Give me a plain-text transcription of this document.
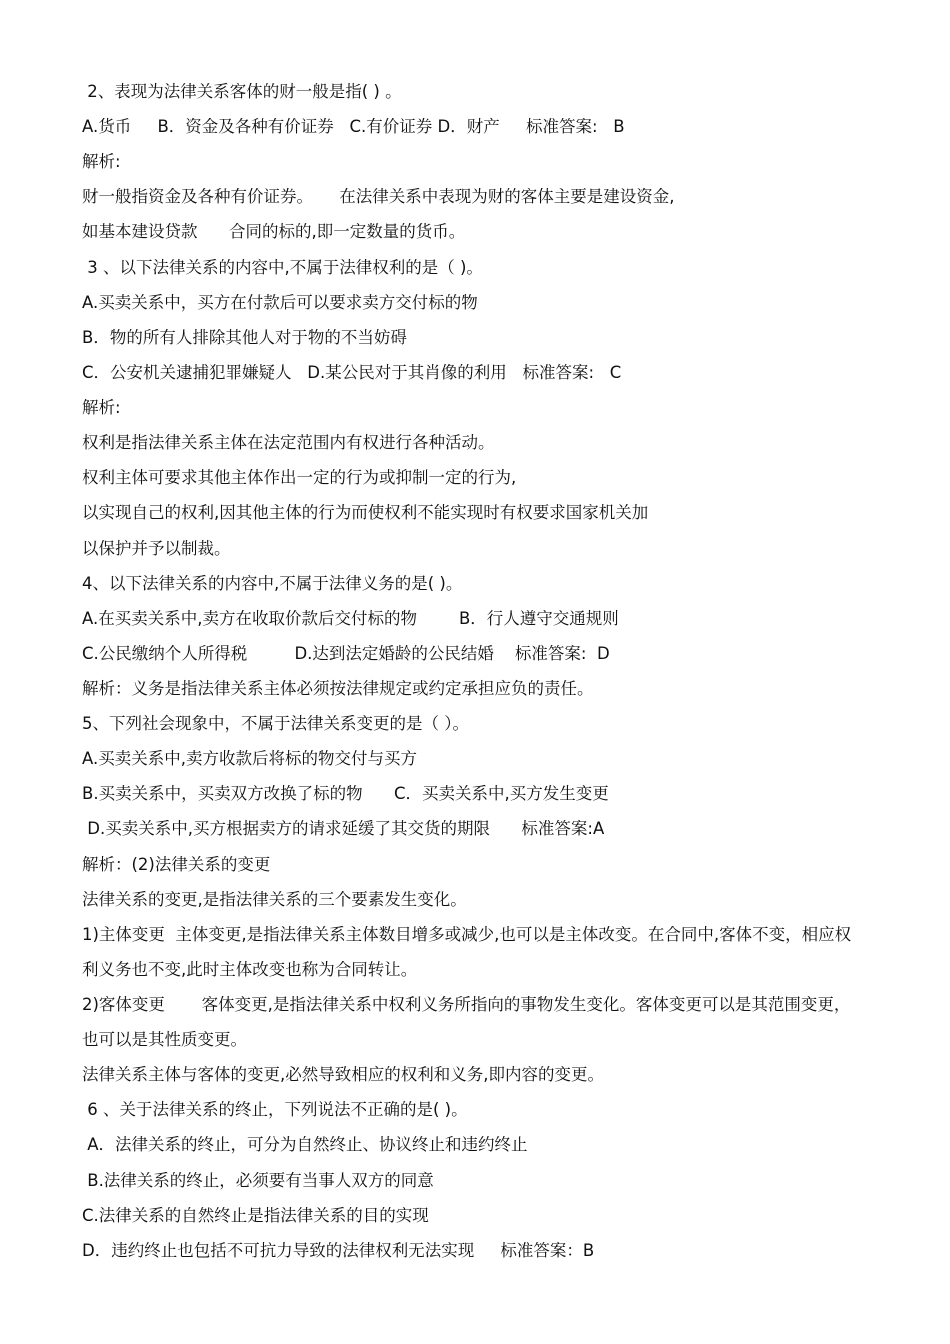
2、表现为法律关系客体的财一般是指( ) 。
A.货币     B．资金及各种有价证券   C.有价证券 D．财产     标准答案:   B
解析:
财一般指资金及各种有价证券。     在法律关系中表现为财的客体主要是建设资金,
如基本建设贷款      合同的标的,即一定数量的货币。
3 、以下法律关系的内容中,不属于法律权利的是（ )。
A.买卖关系中，买方在付款后可以要求卖方交付标的物
B．物的所有人排除其他人对于物的不当妨碍
C．公安机关逮捕犯罪嫌疑人   D.某公民对于其肖像的利用   标准答案:   C
解析:
权利是指法律关系主体在法定范围内有权进行各种活动。
权利主体可要求其他主体作出一定的行为或抑制一定的行为,
以实现自己的权利,因其他主体的行为而使权利不能实现时有权要求国家机关加
以保护并予以制裁。
4、以下法律关系的内容中,不属于法律义务的是( )。
A.在买卖关系中,卖方在收取价款后交付标的物        B．行人遵守交通规则
C.公民缴纳个人所得税         D.达到法定婚龄的公民结婚    标准答案:  D
解析：义务是指法律关系主体必须按法律规定或约定承担应负的责任。
5、下列社会现象中，不属于法律关系变更的是（ ）。
A.买卖关系中,卖方收款后将标的物交付与买方
B.买卖关系中，买卖双方改换了标的物      C．买卖关系中,买方发生变更
D.买卖关系中,买方根据卖方的请求延缓了其交货的期限      标准答案:A
解析：(2)法律关系的变更
法律关系的变更,是指法律关系的三个要素发生变化。
1)主体变更  主体变更,是指法律关系主体数目增多或减少,也可以是主体改变。在合同中,客体不变，相应权
利义务也不变,此时主体改变也称为合同转让。
2)客体变更       客体变更,是指法律关系中权利义务所指向的事物发生变化。客体变更可以是其范围变更，
也可以是其性质变更。
法律关系主体与客体的变更,必然导致相应的权利和义务,即内容的变更。
6 、关于法律关系的终止，下列说法不正确的是( )。
A．法律关系的终止，可分为自然终止、协议终止和违约终止
B.法律关系的终止，必须要有当事人双方的同意
C.法律关系的自然终止是指法律关系的目的实现
D．违约终止也包括不可抗力导致的法律权利无法实现     标准答案：B
